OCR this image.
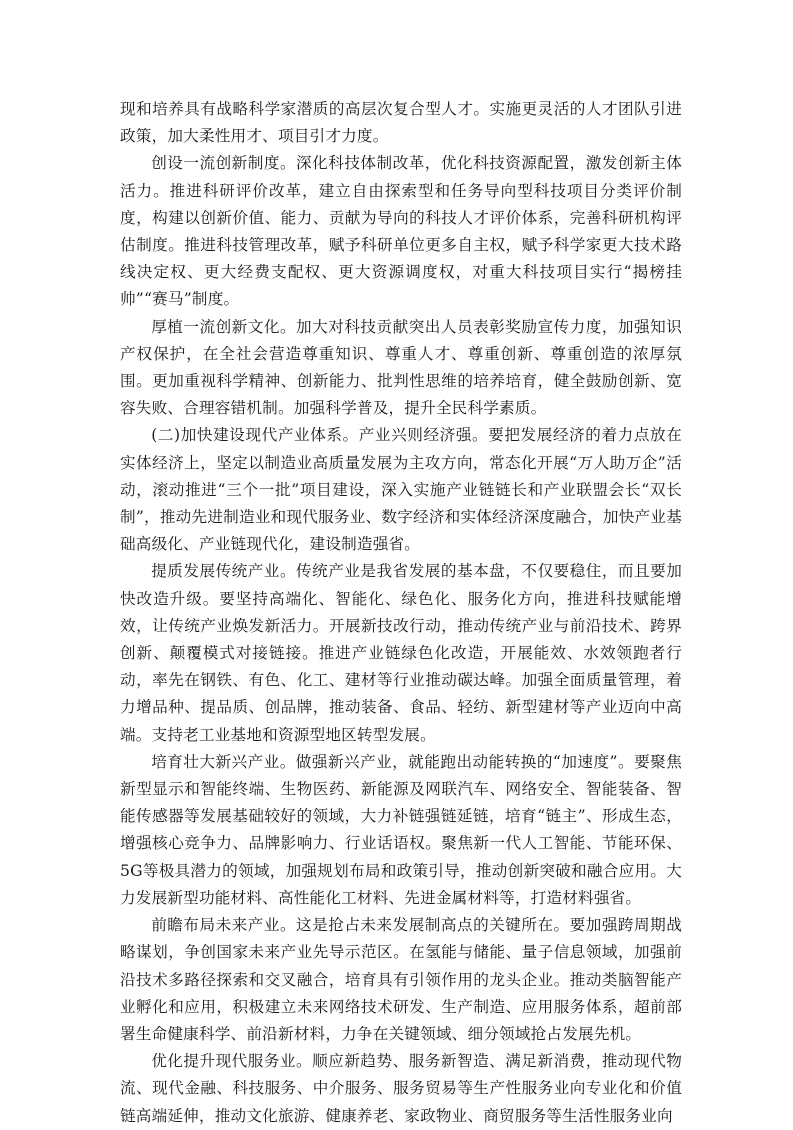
现和培养具有战略科学家潜质的高层次复合型人才。实施更灵活的人才团队引进政策，加大柔性用才、项目引才力度。

创设一流创新制度。深化科技体制改革，优化科技资源配置，激发创新主体活力。推进科研评价改革，建立自由探索型和任务导向型科技项目分类评价制度，构建以创新价值、能力、贡献为导向的科技人才评价体系，完善科研机构评估制度。推进科技管理改革，赋予科研单位更多自主权，赋予科学家更大技术路线决定权、更大经费支配权、更大资源调度权，对重大科技项目实行“揭榜挂帅”“赛马”制度。

厚植一流创新文化。加大对科技贡献突出人员表彰奖励宣传力度，加强知识产权保护，在全社会营造尊重知识、尊重人才、尊重创新、尊重创造的浓厚氛围。更加重视科学精神、创新能力、批判性思维的培养培育，健全鼓励创新、宽容失败、合理容错机制。加强科学普及，提升全民科学素质。

(二)加快建设现代产业体系。产业兴则经济强。要把发展经济的着力点放在实体经济上，坚定以制造业高质量发展为主攻方向，常态化开展“万人助万企”活动，滚动推进“三个一批”项目建设，深入实施产业链链长和产业联盟会长“双长制”，推动先进制造业和现代服务业、数字经济和实体经济深度融合，加快产业基础高级化、产业链现代化，建设制造强省。

提质发展传统产业。传统产业是我省发展的基本盘，不仅要稳住，而且要加快改造升级。要坚持高端化、智能化、绿色化、服务化方向，推进科技赋能增效，让传统产业焕发新活力。开展新技改行动，推动传统产业与前沿技术、跨界创新、颠覆模式对接链接。推进产业链绿色化改造，开展能效、水效领跑者行动，率先在钢铁、有色、化工、建材等行业推动碳达峰。加强全面质量管理，着力增品种、提品质、创品牌，推动装备、食品、轻纺、新型建材等产业迈向中高端。支持老工业基地和资源型地区转型发展。

培育壮大新兴产业。做强新兴产业，就能跑出动能转换的“加速度”。要聚焦新型显示和智能终端、生物医药、新能源及网联汽车、网络安全、智能装备、智能传感器等发展基础较好的领域，大力补链强链延链，培育“链主”、形成生态，增强核心竞争力、品牌影响力、行业话语权。聚焦新一代人工智能、节能环保、5G等极具潜力的领域，加强规划布局和政策引导，推动创新突破和融合应用。大力发展新型功能材料、高性能化工材料、先进金属材料等，打造材料强省。

前瞻布局未来产业。这是抢占未来发展制高点的关键所在。要加强跨周期战略谋划，争创国家未来产业先导示范区。在氢能与储能、量子信息领域，加强前沿技术多路径探索和交叉融合，培育具有引领作用的龙头企业。推动类脑智能产业孵化和应用，积极建立未来网络技术研发、生产制造、应用服务体系，超前部署生命健康科学、前沿新材料，力争在关键领域、细分领域抢占发展先机。

优化提升现代服务业。顺应新趋势、服务新智造、满足新消费，推动现代物流、现代金融、科技服务、中介服务、服务贸易等生产性服务业向专业化和价值链高端延伸，推动文化旅游、健康养老、家政物业、商贸服务等生活性服务业向
